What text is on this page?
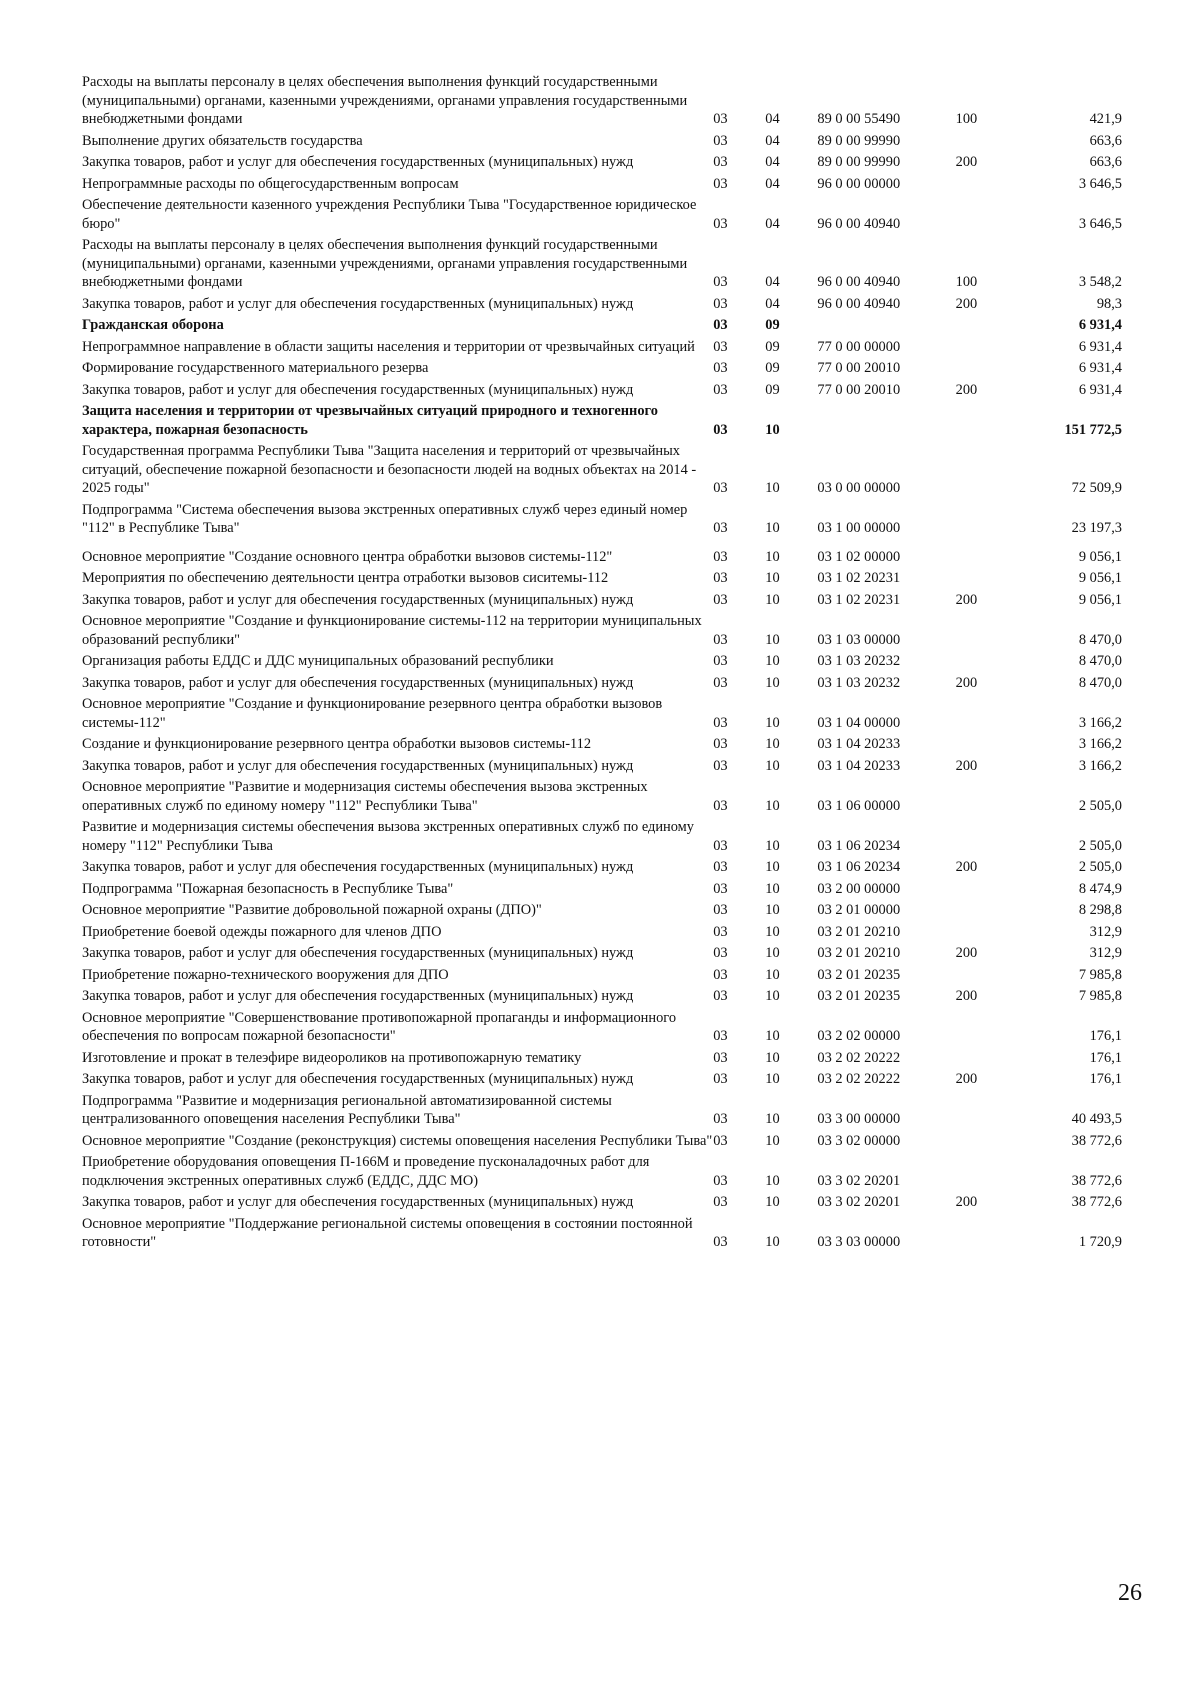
Расходы на выплаты персоналу в целях обеспечения выполнения функций государственными (муниципальными) органами, казенными учреждениями, органами управления государственными внебюджетными фондами	03	04	89 0 00 55490	100	421,9
Выполнение других обязательств государства	03	04	89 0 00 99990		663,6
Закупка товаров, работ и услуг для обеспечения государственных (муниципальных) нужд	03	04	89 0 00 99990	200	663,6
Непрограммные расходы по общегосударственным вопросам	03	04	96 0 00 00000		3 646,5
Обеспечение деятельности казенного учреждения Республики Тыва "Государственное юридическое бюро"	03	04	96 0 00 40940		3 646,5
Расходы на выплаты персоналу в целях обеспечения выполнения функций государственными (муниципальными) органами, казенными учреждениями, органами управления государственными внебюджетными фондами	03	04	96 0 00 40940	100	3 548,2
Закупка товаров, работ и услуг для обеспечения государственных (муниципальных) нужд	03	04	96 0 00 40940	200	98,3
Гражданская оборона	03	09			6 931,4
Непрограммное направление в области защиты населения и территории от чрезвычайных ситуаций	03	09	77 0 00 00000		6 931,4
Формирование государственного материального резерва	03	09	77 0 00 20010		6 931,4
Закупка товаров, работ и услуг для обеспечения государственных (муниципальных) нужд	03	09	77 0 00 20010	200	6 931,4
Защита населения и территории от чрезвычайных ситуаций природного и техногенного характера, пожарная безопасность	03	10			151 772,5
Государственная программа Республики Тыва "Защита населения и территорий от чрезвычайных ситуаций, обеспечение пожарной безопасности и безопасности людей на водных объектах на 2014 - 2025 годы"	03	10	03 0 00 00000		72 509,9
Подпрограмма "Система обеспечения вызова экстренных оперативных служб через единый номер "112" в Республике Тыва"	03	10	03 1 00 00000		23 197,3
Основное мероприятие "Создание основного центра обработки вызовов системы-112"	03	10	03 1 02 00000		9 056,1
Мероприятия по обеспечению деятельности центра отработки вызовов сиситемы-112	03	10	03 1 02 20231		9 056,1
Закупка товаров, работ и услуг для обеспечения государственных (муниципальных) нужд	03	10	03 1 02 20231	200	9 056,1
Основное мероприятие "Создание и функционирование системы-112 на территории муниципальных образований республики"	03	10	03 1 03 00000		8 470,0
Организация работы ЕДДС и ДДС муниципальных образований республики	03	10	03 1 03 20232		8 470,0
Закупка товаров, работ и услуг для обеспечения государственных (муниципальных) нужд	03	10	03 1 03 20232	200	8 470,0
Основное мероприятие "Создание и функционирование резервного центра обработки вызовов системы-112"	03	10	03 1 04 00000		3 166,2
Создание и функционирование резервного центра обработки вызовов системы-112	03	10	03 1 04 20233		3 166,2
Закупка товаров, работ и услуг для обеспечения государственных (муниципальных) нужд	03	10	03 1 04 20233	200	3 166,2
Основное мероприятие "Развитие и модернизация системы обеспечения вызова экстренных оперативных служб по единому номеру "112" Республики Тыва"	03	10	03 1 06 00000		2 505,0
Развитие и модернизация системы обеспечения вызова экстренных оперативных служб по единому номеру "112" Республики Тыва	03	10	03 1 06 20234		2 505,0
Закупка товаров, работ и услуг для обеспечения государственных (муниципальных) нужд	03	10	03 1 06 20234	200	2 505,0
Подпрограмма "Пожарная безопасность в Республике Тыва"	03	10	03 2 00 00000		8 474,9
Основное мероприятие "Развитие добровольной пожарной охраны (ДПО)"	03	10	03 2 01 00000		8 298,8
Приобретение боевой одежды пожарного для членов ДПО	03	10	03 2 01 20210		312,9
Закупка товаров, работ и услуг для обеспечения государственных (муниципальных) нужд	03	10	03 2 01 20210	200	312,9
Приобретение пожарно-технического вооружения для ДПО	03	10	03 2 01 20235		7 985,8
Закупка товаров, работ и услуг для обеспечения государственных (муниципальных) нужд	03	10	03 2 01 20235	200	7 985,8
Основное мероприятие "Совершенствование противопожарной пропаганды и информационного обеспечения по вопросам пожарной безопасности"	03	10	03 2 02 00000		176,1
Изготовление и прокат в телеэфире видеороликов на противопожарную тематику	03	10	03 2 02 20222		176,1
Закупка товаров, работ и услуг для обеспечения государственных (муниципальных) нужд	03	10	03 2 02 20222	200	176,1
Подпрограмма "Развитие и модернизация региональной автоматизированной системы централизованного оповещения населения Республики Тыва"	03	10	03 3 00 00000		40 493,5
Основное мероприятие "Создание (реконструкция) системы оповещения населения Республики Тыва"	03	10	03 3 02 00000		38 772,6
Приобретение оборудования оповещения П-166М и проведение пусконаладочных работ для подключения экстренных оперативных служб (ЕДДС, ДДС МО)	03	10	03 3 02 20201		38 772,6
Закупка товаров, работ и услуг для обеспечения государственных (муниципальных) нужд	03	10	03 3 02 20201	200	38 772,6
Основное мероприятие "Поддержание региональной системы оповещения в состоянии постоянной готовности"	03	10	03 3 03 00000		1 720,9
26
